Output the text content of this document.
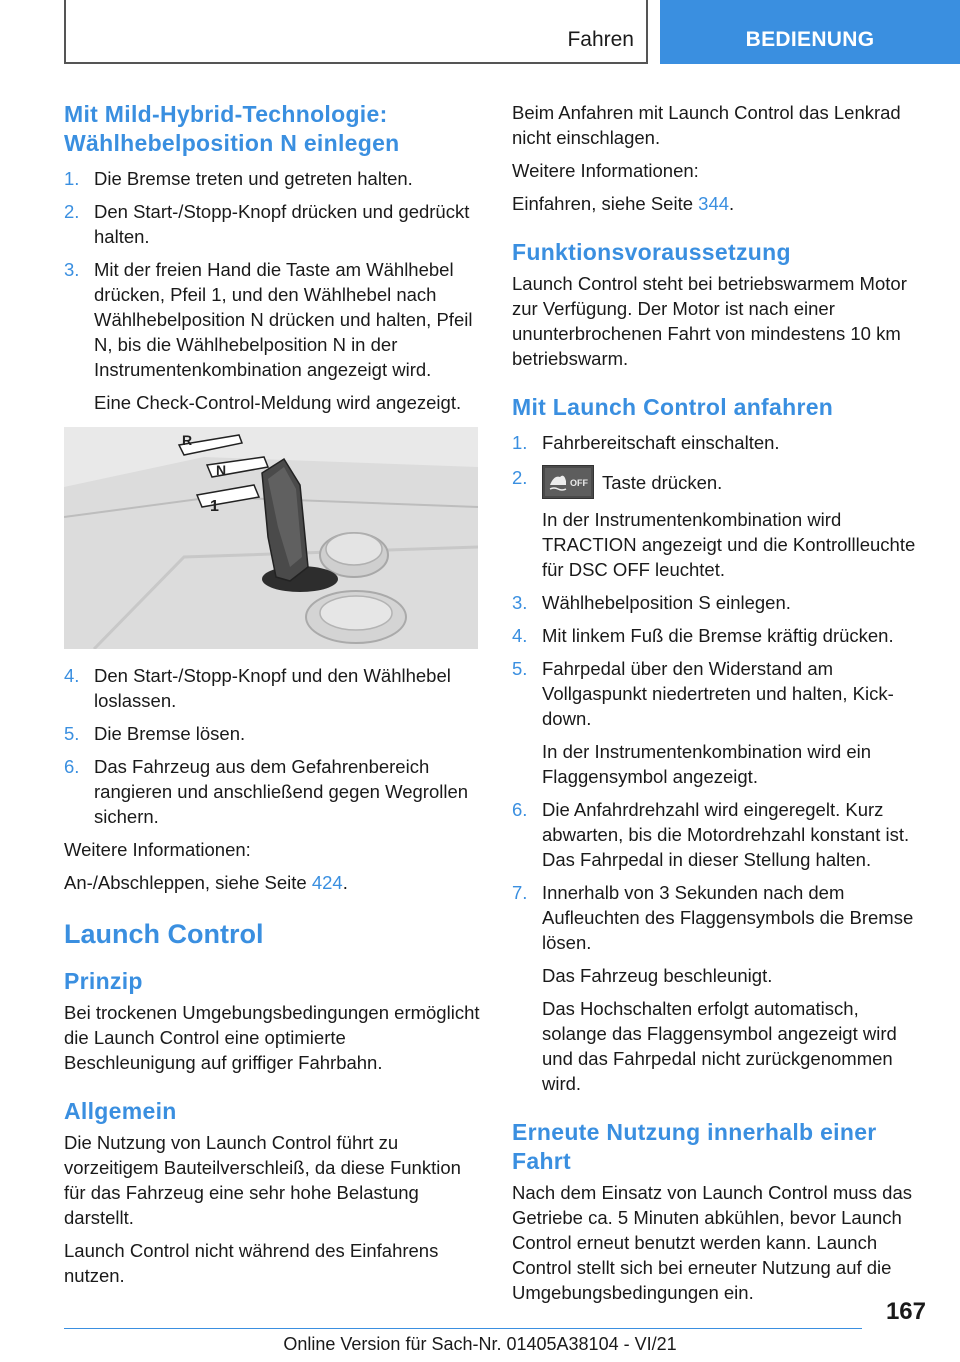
Fahren	BEDIENUNG
Mit Mild-Hybrid-Technologie:
Wählhebelposition N einlegen
1. Die Bremse treten und getreten halten.
2. Den Start-/Stopp-Knopf drücken und gedrückt halten.
3. Mit der freien Hand die Taste am Wählhebel drücken, Pfeil 1, und den Wählhebel nach Wählhebelposition N drücken und halten, Pfeil N, bis die Wählhebelposition N in der Instrumentenkombination angezeigt wird.
Eine Check-Control-Meldung wird angezeigt.
R
N
1
4. Den Start-/Stopp-Knopf und den Wählhebel loslassen.
5. Die Bremse lösen.
6. Das Fahrzeug aus dem Gefahrenbereich rangieren und anschließend gegen Wegrollen sichern.

Weitere Informationen:

An-/Abschleppen, siehe Seite 424.

Launch Control
Prinzip

Bei trockenen Umgebungsbedingungen ermöglicht die Launch Control eine optimierte Beschleunigung auf griffiger Fahrbahn.

Allgemein

Die Nutzung von Launch Control führt zu vorzeitigem Bauteilverschleiß, da diese Funktion für das Fahrzeug eine sehr hohe Belastung darstellt.

Launch Control nicht während des Einfahrens nutzen.

Beim Anfahren mit Launch Control das Lenkrad nicht einschlagen.

Weitere Informationen:

Einfahren, siehe Seite 344.

Funktionsvoraussetzung

Launch Control steht bei betriebswarmem Motor zur Verfügung. Der Motor ist nach einer ununterbrochenen Fahrt von mindestens 10 km betriebswarm.

Mit Launch Control anfahren
1. Fahrbereitschaft einschalten.
2.	OFF Taste drücken.
In der Instrumentenkombination wird TRACTION angezeigt und die Kontrollleuchte für DSC OFF leuchtet.
3. Wählhebelposition S einlegen.
4. Mit linkem Fuß die Bremse kräftig drücken.
5. Fahrpedal über den Widerstand am Vollgaspunkt niedertreten und halten, Kick-down.
In der Instrumentenkombination wird ein Flaggensymbol angezeigt.
6. Die Anfahrdrehzahl wird eingeregelt. Kurz abwarten, bis die Motordrehzahl konstant ist. Das Fahrpedal in dieser Stellung halten.
7. Innerhalb von 3 Sekunden nach dem Aufleuchten des Flaggensymbols die Bremse lösen.
Das Fahrzeug beschleunigt.
Das Hochschalten erfolgt automatisch, solange das Flaggensymbol angezeigt wird und das Fahrpedal nicht zurückgenommen wird.
Erneute Nutzung innerhalb einer Fahrt

Nach dem Einsatz von Launch Control muss das Getriebe ca. 5 Minuten abkühlen, bevor Launch Control erneut benutzt werden kann. Launch Control stellt sich bei erneuter Nutzung auf die Umgebungsbedingungen ein.

167
Online Version für Sach-Nr. 01405A38104 - VI/21
